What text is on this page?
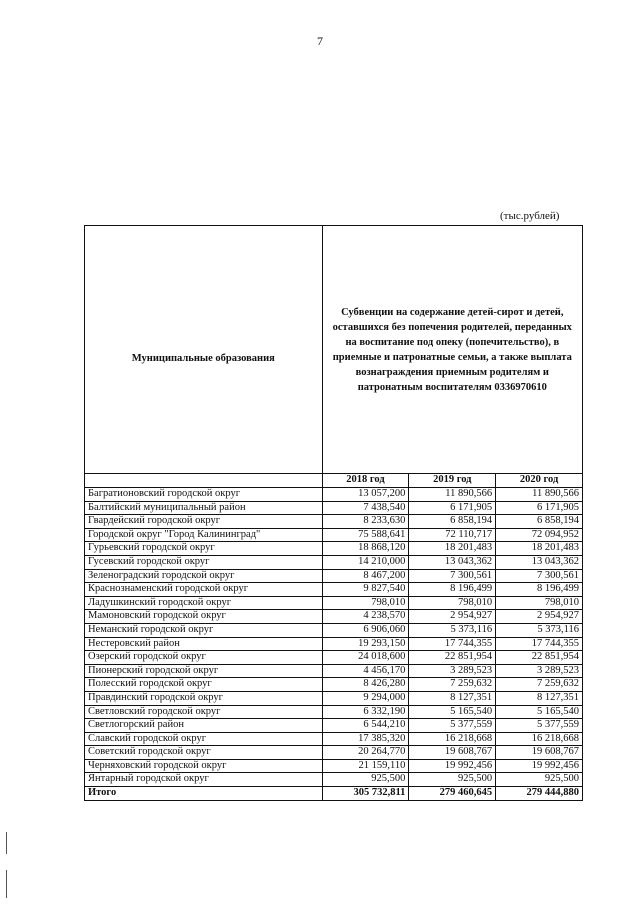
7
(тыс.рублей)
Муниципальные образования	Субвенции на содержание детей-сирот и детей, оставшихся без попечения родителей, переданных на воспитание под опеку (попечительство), в приемные и патронатные семьи, а также выплата вознаграждения приемным родителям и патронатным воспитателям 0336970610		
	2018 год	2019 год	2020 год
Багратионовский городской округ	13 057,200	11 890,566	11 890,566
Балтийский муниципальный район	7 438,540	6 171,905	6 171,905
Гвардейский городской округ	8 233,630	6 858,194	6 858,194
Городской округ "Город Калининград"	75 588,641	72 110,717	72 094,952
Гурьевский городской округ	18 868,120	18 201,483	18 201,483
Гусевский городской округ	14 210,000	13 043,362	13 043,362
Зеленоградский городской округ	8 467,200	7 300,561	7 300,561
Краснознаменский городской округ	9 827,540	8 196,499	8 196,499
Ладушкинский городской округ	798,010	798,010	798,010
Мамоновский городской округ	4 238,570	2 954,927	2 954,927
Неманский городской округ	6 906,060	5 373,116	5 373,116
Нестеровский район	19 293,150	17 744,355	17 744,355
Озерский городской округ	24 018,600	22 851,954	22 851,954
Пионерский городской округ	4 456,170	3 289,523	3 289,523
Полесский городской округ	8 426,280	7 259,632	7 259,632
Правдинский городской округ	9 294,000	8 127,351	8 127,351
Светловский городской округ	6 332,190	5 165,540	5 165,540
Светлогорский район	6 544,210	5 377,559	5 377,559
Славский городской округ	17 385,320	16 218,668	16 218,668
Советский городской округ	20 264,770	19 608,767	19 608,767
Черняховский городской округ	21 159,110	19 992,456	19 992,456
Янтарный городской округ	925,500	925,500	925,500
Итого	305 732,811	279 460,645	279 444,880
